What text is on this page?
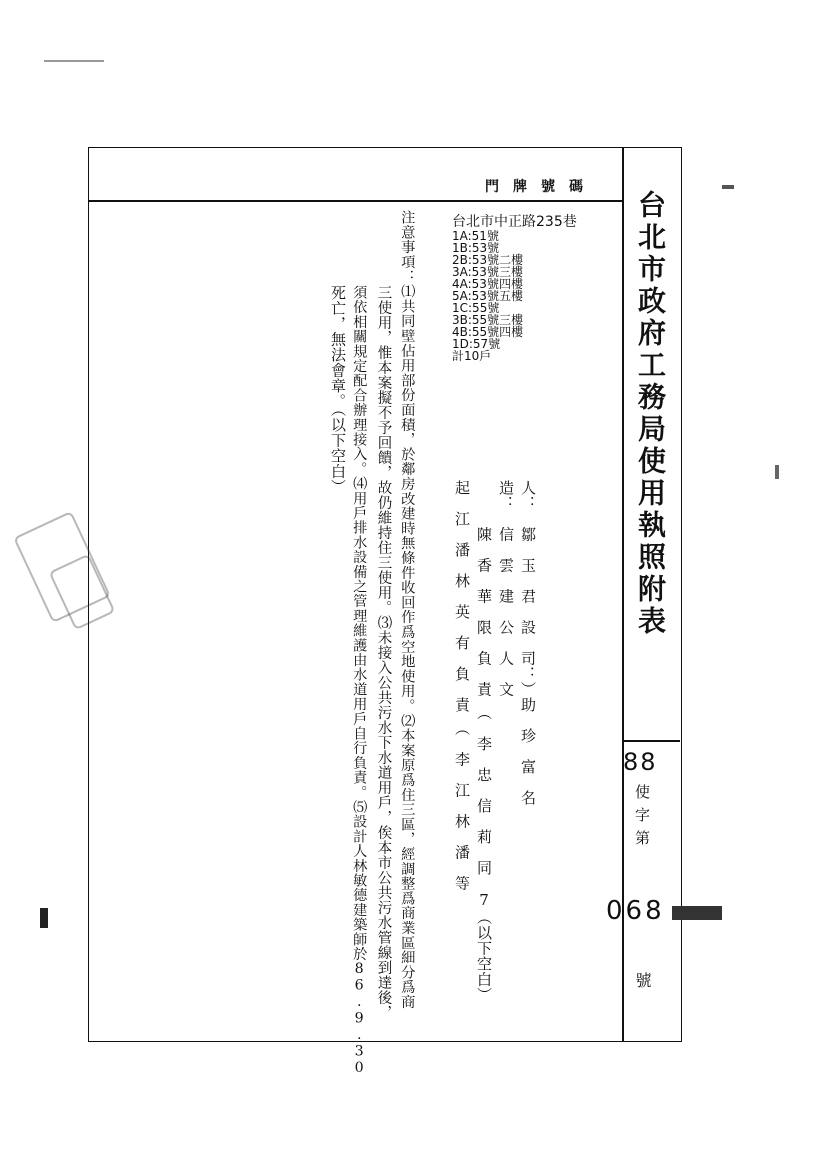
門牌號碼
台北市政府工務局使用執照附表
88
使字第
068
號
台北市中正路235巷
1A:51號
1B:53號
2B:53號二樓
3A:53號三樓
4A:53號四樓
5A:53號五樓
1C:55號
3B:55號三樓
4B:55號四樓
1D:57號
計10戶
人：　鄒　玉　君　設　司：）助　珍　富　名
造：　信　雲　建　公　人　文
　　　陳　香　華　限　負　責　（　李　忠　信　莉　同　7（以下空白）
起　江　潘　林　英　有　負　責　（　李　江　林　潘　等
注意事項：⑴共同壁佔用部份面積，於鄰房改建時無條件收回作爲空地使用。⑵本案原爲住三區，經調整爲商業區細分爲商
三使用，惟本案擬不予回饋，故仍維持住三使用。⑶未接入公共污水下水道用戶，俟本市公共污水管線到達後，
須依相關規定配合辦理接入。⑷用戶排水設備之管理維護由水道用戶自行負責。⑸設計人林敏德建築師於86.9.30
死亡，無法會章。（以下空白）
